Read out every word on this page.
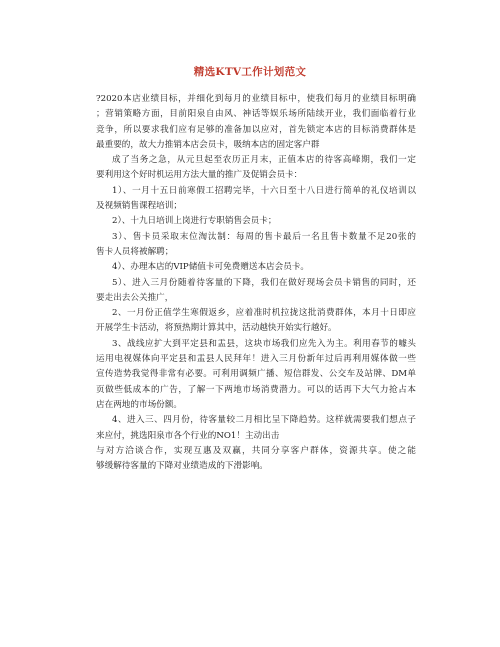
精选KTV工作计划范文
?2020本店业绩目标，并细化到每月的业绩目标中，使我们每月的业绩目标明确
；营销策略方面，目前阳泉自由风、神话等娱乐场所陆续开业，我们面临着行业
竞争，所以要求我们应有足够的准备加以应对，首先锁定本店的目标消费群体是
最重要的，故大力推销本店会员卡，吸纳本店的固定客户群
成了当务之急，从元旦起至农历正月末，正值本店的待客高峰期，我们一定
要利用这个好时机运用方法大量的推广及促销会员卡：
1）、一月十五日前寒假工招聘完毕，十六日至十八日进行简单的礼仪培训以
及视频销售课程培训；
2）、十九日培训上岗进行专职销售会员卡；
3）、售卡员采取末位淘汰制：每周的售卡最后一名且售卡数量不足20张的
售卡人员将被解聘；
4）、办理本店的VIP储值卡可免费赠送本店会员卡。
5）、进入三月份随着待客量的下降，我们在做好现场会员卡销售的同时，还
要走出去公关推广，
2、一月份正值学生寒假返乡，应着准时机拉拢这批消费群体，本月十日即应
开展学生卡活动，将预热期计算其中，活动越快开始实行越好。
3、战线应扩大到平定县和盂县，这块市场我们应先入为主。利用春节的噱头
运用电视媒体向平定县和盂县人民拜年！进入三月份新年过后再利用媒体做一些
宣传造势我觉得非常有必要。可利用调频广播、短信群发、公交车及站牌、DM单
页做些低成本的广告，了解一下两地市场消费潜力。可以的话再下大气力抢占本
店在两地的市场份额。
4、进入三、四月份，待客量较二月相比呈下降趋势。这样就需要我们想点子
来应付，挑选阳泉市各个行业的NO1！主动出击
与对方洽谈合作，实现互惠及双赢，共同分享客户群体，资源共享。使之能
够缓解待客量的下降对业绩造成的下滑影响。
